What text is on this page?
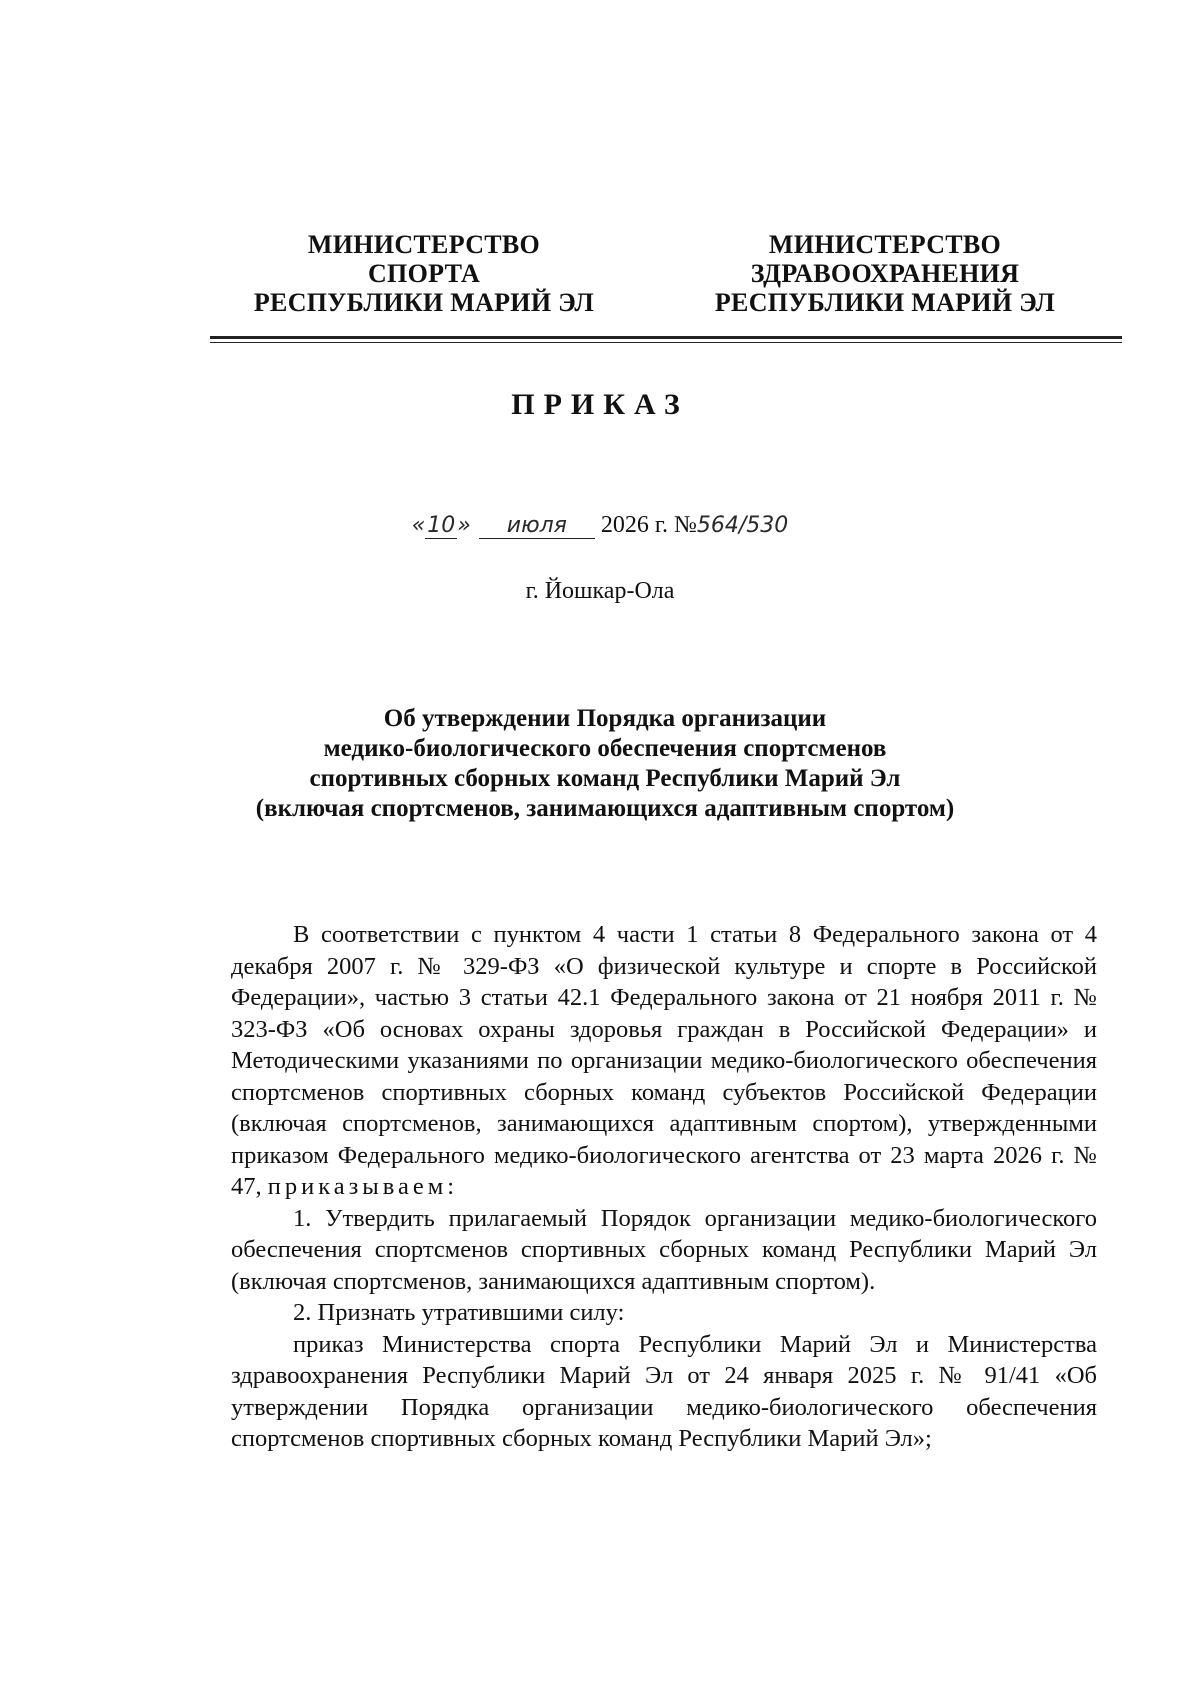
МИНИСТЕРСТВО
СПОРТА
РЕСПУБЛИКИ МАРИЙ ЭЛ
МИНИСТЕРСТВО
ЗДРАВООХРАНЕНИЯ
РЕСПУБЛИКИ МАРИЙ ЭЛ
ПРИКАЗ
«10» июля 2026 г. №564/530
г. Йошкар-Ола
Об утверждении Порядка организации
медико-биологического обеспечения спортсменов
спортивных сборных команд Республики Марий Эл
(включая спортсменов, занимающихся адаптивным спортом)

В соответствии с пунктом 4 части 1 статьи 8 Федерального закона от 4 декабря 2007 г. № 329-ФЗ «О физической культуре и спорте в Российской Федерации», частью 3 статьи 42.1 Федерального закона от 21 ноября 2011 г. № 323-ФЗ «Об основах охраны здоровья граждан в Российской Федерации» и Методическими указаниями по организации медико-биологического обеспечения спортсменов спортивных сборных команд субъектов Российской Федерации (включая спортсменов, занимающихся адаптивным спортом), утвержденными приказом Федерального медико-биологического агентства от 23 марта 2026 г. № 47, приказываем:

1. Утвердить прилагаемый Порядок организации медико-биологического обеспечения спортсменов спортивных сборных команд Республики Марий Эл (включая спортсменов, занимающихся адаптивным спортом).

2. Признать утратившими силу:

приказ Министерства спорта Республики Марий Эл и Министерства здравоохранения Республики Марий Эл от 24 января 2025 г. № 91/41 «Об утверждении Порядка организации медико-биологического обеспечения спортсменов спортивных сборных команд Республики Марий Эл»;
